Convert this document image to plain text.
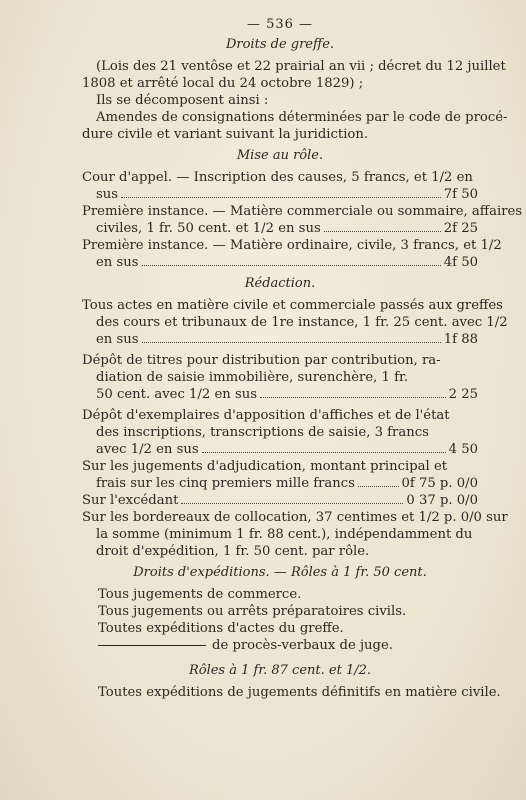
— 536 —
Droits de greffe.
(Lois des 21 ventôse et 22 prairial an vii ; décret du 12 juillet
1808 et arrêté local du 24 octobre 1829) ;
Ils se décomposent ainsi :
Amendes de consignations déterminées par le code de procé-
dure civile et variant suivant la juridiction.
Mise au rôle.
Cour d'appel. — Inscription des causes, 5 francs, et 1/2 en
sus	7f 50
Première instance. — Matière commerciale ou sommaire, affaires
civiles, 1 fr. 50 cent. et 1/2 en sus	2f 25
Première instance. — Matière ordinaire, civile, 3 francs, et 1/2
en sus	4f 50
Rédaction.
Tous actes en matière civile et commerciale passés aux greffes
des cours et tribunaux de 1re instance, 1 fr. 25 cent. avec 1/2
en sus	1f 88
Dépôt de titres pour distribution par contribution, ra-
diation de saisie immobilière, surenchère, 1 fr.
50 cent. avec 1/2 en sus	2 25
Dépôt d'exemplaires d'apposition d'affiches et de l'état
des inscriptions, transcriptions de saisie, 3 francs
avec 1/2 en sus	4 50
Sur les jugements d'adjudication, montant principal et
frais sur les cinq premiers mille francs	0f 75 p. 0/0
Sur l'excédant	0 37 p. 0/0
Sur les bordereaux de collocation, 37 centimes et 1/2 p. 0/0 sur
la somme (minimum 1 fr. 88 cent.), indépendamment du
droit d'expédition, 1 fr. 50 cent. par rôle.
Droits d'expéditions. — Rôles à 1 fr. 50 cent.
Tous jugements de commerce.
Tous jugements ou arrêts préparatoires civils.
Toutes expéditions d'actes du greffe.
de procès-verbaux de juge.
Rôles à 1 fr. 87 cent. et 1/2.
Toutes expéditions de jugements définitifs en matière civile.
